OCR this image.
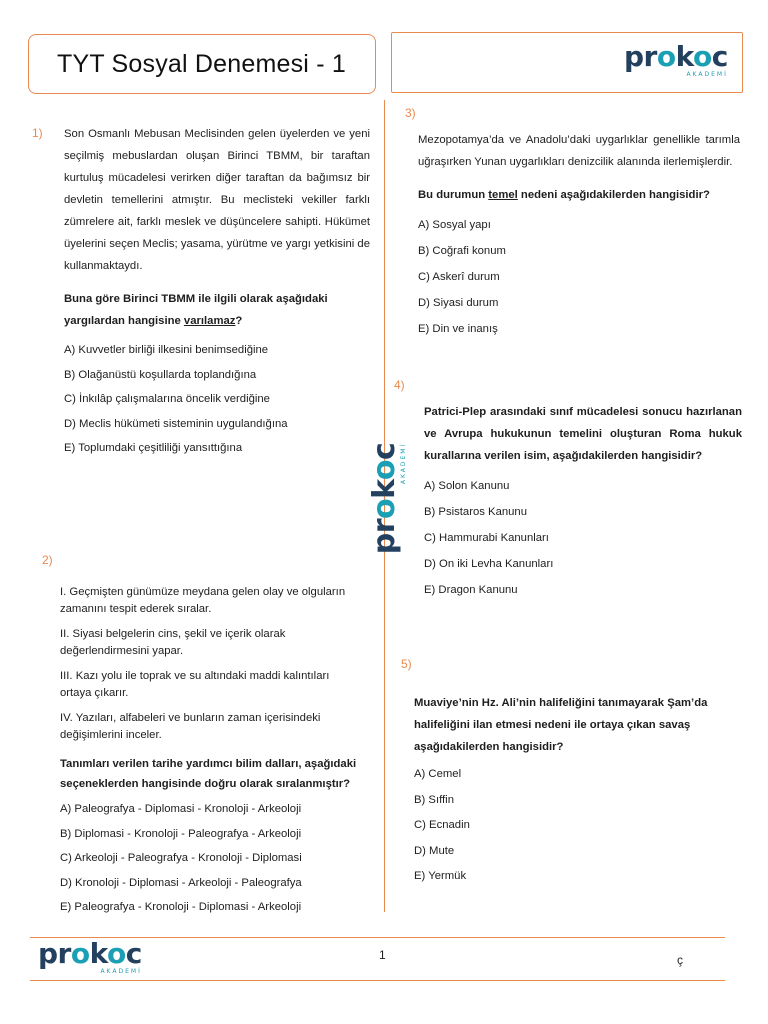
TYT Sosyal Denemesi - 1	prokoc
AKADEMİ
prokoc
AKADEMİ
1) Son Osmanlı Mebusan Meclisinden gelen üyelerden ve yeni seçilmiş mebuslardan oluşan Birinci TBMM, bir taraftan kurtuluş mücadelesi verirken diğer taraftan da bağımsız bir devletin temellerini atmıştır. Bu meclisteki vekiller farklı zümrelere ait, farklı meslek ve düşüncelere sahipti. Hükümet üyelerini seçen Meclis; yasama, yürütme ve yargı yetkisini de kullanmaktaydı.

Buna göre Birinci TBMM ile ilgili olarak aşağıdaki yargılardan hangisine varılamaz?

A) Kuvvetler birliği ilkesini benimsediğine

B) Olağanüstü koşullarda toplandığına

C) İnkılâp çalışmalarına öncelik verdiğine

D) Meclis hükümeti sisteminin uygulandığına

E) Toplumdaki çeşitliliği yansıttığına

2)

I. Geçmişten günümüze meydana gelen olay ve olguların zamanını tespit ederek sıralar.

II. Siyasi belgelerin cins, şekil ve içerik olarak değerlendirmesini yapar.

III. Kazı yolu ile toprak ve su altındaki maddi kalıntıları ortaya çıkarır.

IV. Yazıları, alfabeleri ve bunların zaman içerisindeki değişimlerini inceler.

Tanımları verilen tarihe yardımcı bilim dalları, aşağıdaki seçeneklerden hangisinde doğru olarak sıralanmıştır?

A) Paleografya - Diplomasi - Kronoloji - Arkeoloji

B) Diplomasi - Kronoloji - Paleografya - Arkeoloji

C) Arkeoloji - Paleografya - Kronoloji - Diplomasi

D) Kronoloji - Diplomasi - Arkeoloji - Paleografya

E) Paleografya - Kronoloji - Diplomasi - Arkeoloji

3)

Mezopotamya’da ve Anadolu’daki uygarlıklar genellikle tarımla uğraşırken Yunan uygarlıkları denizcilik alanında ilerlemişlerdir.

Bu durumun temel nedeni aşağıdakilerden hangisidir?

A) Sosyal yapı

B) Coğrafi konum

C) Askerî durum

D) Siyasi durum

E) Din ve inanış

4)

Patrici-Plep arasındaki sınıf mücadelesi sonucu hazırlanan ve Avrupa hukukunun temelini oluşturan Roma hukuk kurallarına verilen isim, aşağıdakilerden hangisidir?

A) Solon Kanunu

B) Psistaros Kanunu

C) Hammurabi Kanunları

D) On iki Levha Kanunları

E) Dragon Kanunu

5)

Muaviye’nin Hz. Ali’nin halifeliğini tanımayarak Şam’da halifeliğini ilan etmesi nedeni ile ortaya çıkan savaş aşağıdakilerden hangisidir?

A) Cemel

B) Sıffin

C) Ecnadin

D) Mute

E) Yermük

prokoc
AKADEMİ
1	ç
